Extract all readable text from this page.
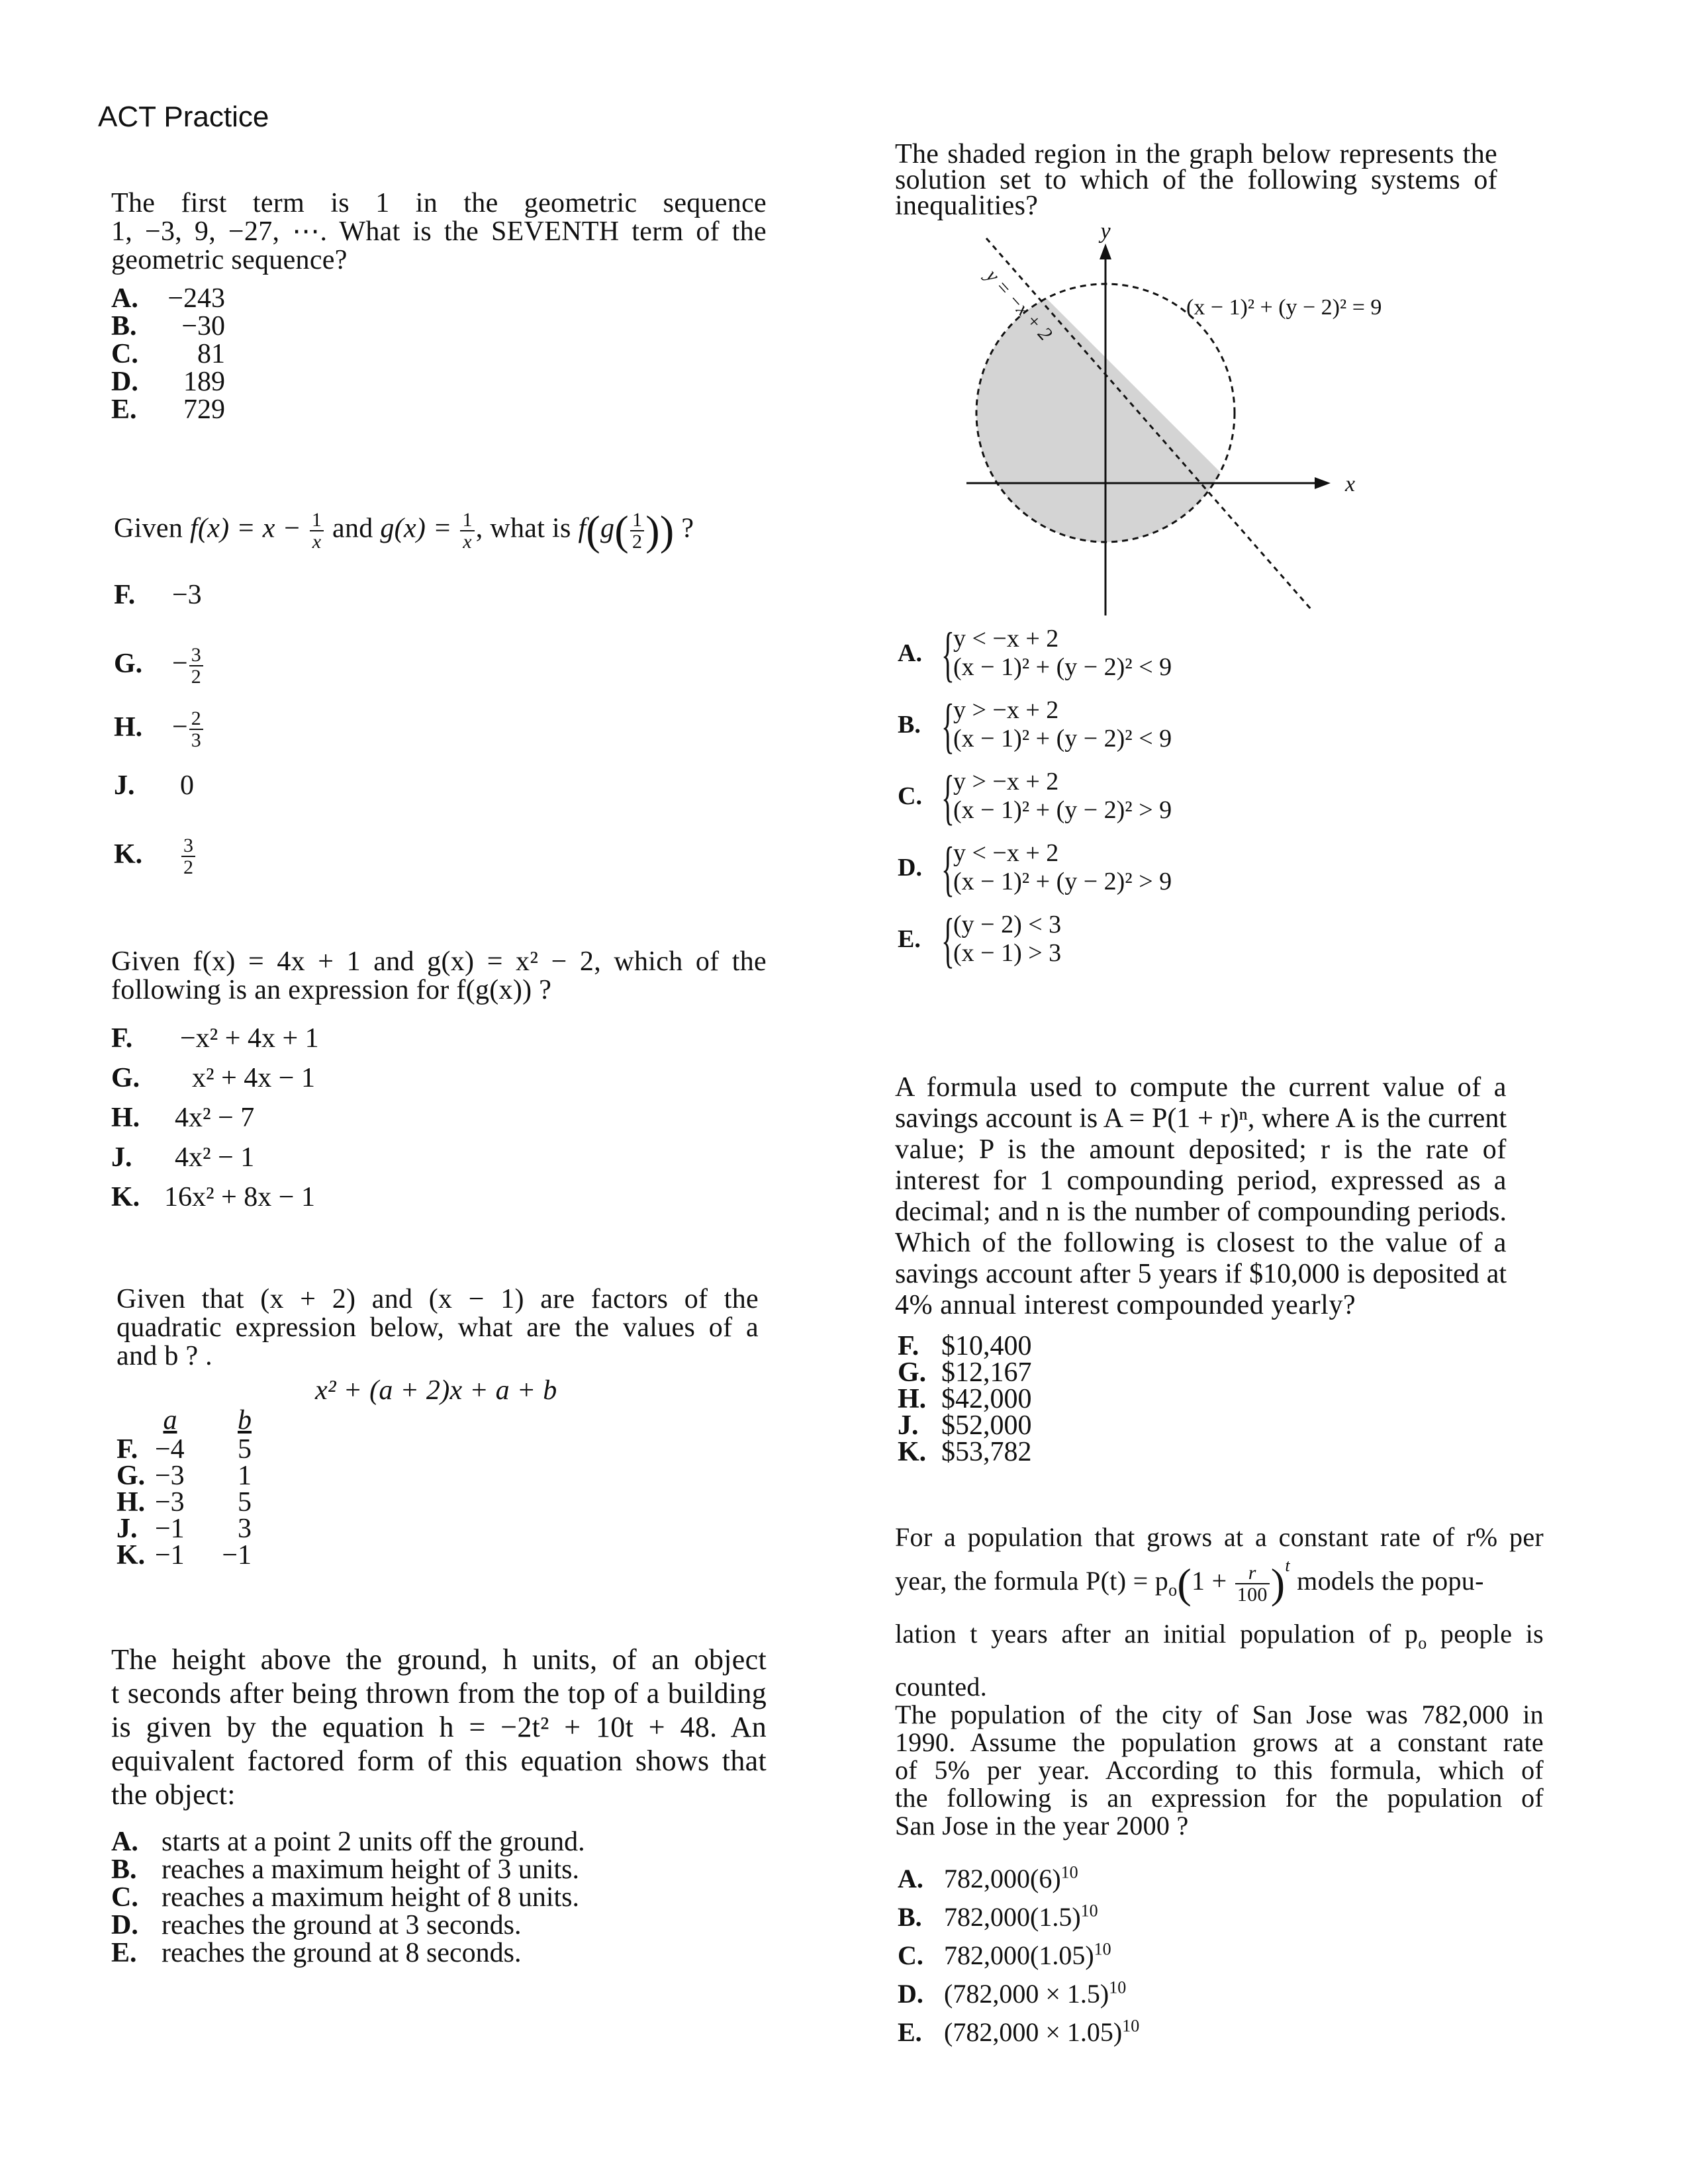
ACT Practice
The first term is 1 in the geometric sequence
1, −3, 9, −27, ⋯. What is the SEVENTH term of the
geometric sequence?
A. −243
B. −30
C. 81
D. 189
E. 729
Given $f(x) = x - \frac{1}{x}$ and $g(x) = \frac{1}{x}$ , what is $f(g( \frac{1}{2}$ )) ?
F. −3
G. − $\frac{3}{2}$
H. − $\frac{2}{3}$
J. 0
K. $\frac{3}{2}$
Given f(x) = 4x + 1 and g(x) = x² − 2, which of the
following is an expression for f(g(x)) ?
F. −x² + 4x + 1
G. x² + 4x − 1
H. 4x² − 7
J. 4x² − 1
K. 16x² + 8x − 1
Given that (x + 2) and (x − 1) are factors of the
quadratic expression below, what are the values of a
and b ? .
x² + (a + 2)x + a + b
a b
F. −4 5
G. −3 1
H. −3 5
J. −1 3
K. −1 −1
The height above the ground, h units, of an object
t seconds after being thrown from the top of a building
is given by the equation h = −2t² + 10t + 48. An
equivalent factored form of this equation shows that
the object:
A. starts at a point 2 units off the ground.
B. reaches a maximum height of 3 units.
C. reaches a maximum height of 8 units.
D. reaches the ground at 3 seconds.
E. reaches the ground at 8 seconds.
The shaded region in the graph below represents the
solution set to which of the following systems of
inequalities?
y
x
y = −x + 2	(x − 1)² + (y − 2)² = 9
A. {
y < −x + 2
(x − 1)² + (y − 2)² < 9
B. {
y > −x + 2
(x − 1)² + (y − 2)² < 9
C. {
y > −x + 2
(x − 1)² + (y − 2)² > 9
D. {
y < −x + 2
(x − 1)² + (y − 2)² > 9
E. {
(y − 2) < 3
(x − 1) > 3
A formula used to compute the current value of a
savings account is A = P(1 + r)ⁿ, where A is the current
value; P is the amount deposited; r is the rate of
interest for 1 compounding period, expressed as a
decimal; and n is the number of compounding periods.
Which of the following is closest to the value of a
savings account after 5 years if $10,000 is deposited at
4% annual interest compounded yearly?
F. $10,400
G. $12,167
H. $42,000
J. $52,000
K. $53,782
For a population that grows at a constant rate of r% per
year, the formula $P(t) = p_o(1 + \frac{r}{100} )^t$ models the popu-
lation t years after an initial population of $p_o$ people is
counted.
The population of the city of San Jose was 782,000 in
1990. Assume the population grows at a constant rate
of 5% per year. According to this formula, which of
the following is an expression for the population of
San Jose in the year 2000 ?
A. $782,000(6)^{10}$
B. $782,000(1.5)^{10}$
C. $782,000(1.05)^{10}$
D. $(782,000 \times 1.5)^{10}$
E. $(782,000 \times 1.05)^{10}$
